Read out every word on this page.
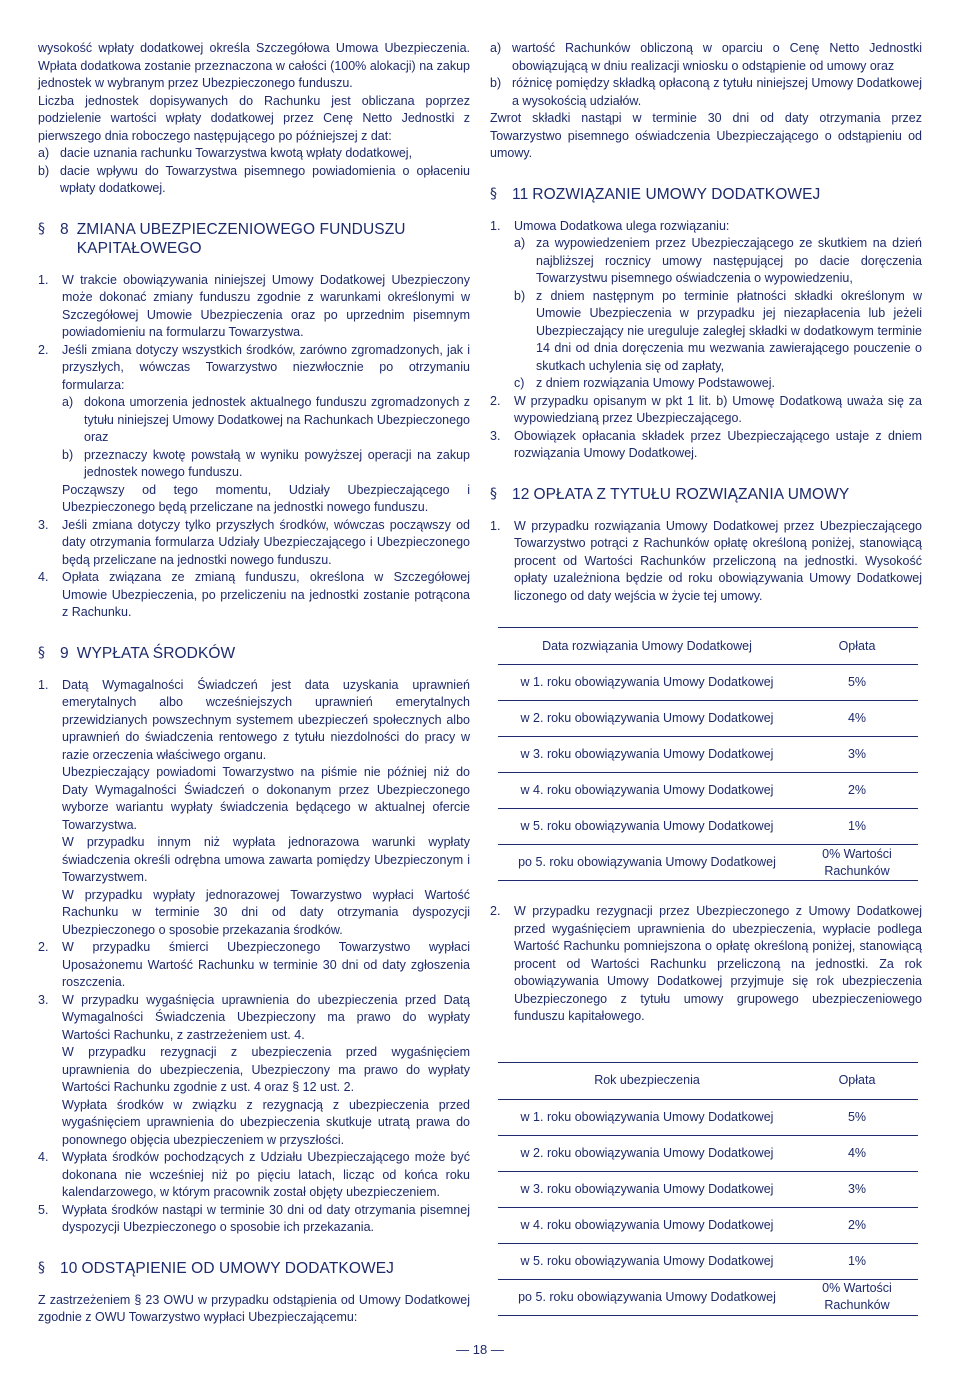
wysokość wpłaty dodatkowej określa Szczegółowa Umowa Ubezpieczenia. Wpłata dodatkowa zostanie przeznaczona w całości (100% alokacji) na zakup jednostek w wybranym przez Ubezpieczonego funduszu.

Liczba jednostek dopisywanych do Rachunku jest obliczana poprzez podzielenie wartości wpłaty dodatkowej przez Cenę Netto Jednostki z pierwszego dnia roboczego następującego po późniejszej z dat:

a) dacie uznania rachunku Towarzystwa kwotą wpłaty dodatkowej,
b) dacie wpływu do Towarzystwa pisemnego powiadomienia o opłaceniu wpłaty dodatkowej.
§ 8 ZMIANA UBEZPIECZENIOWEGO FUNDUSZU KAPITAŁOWEGO
1.	W trakcie obowiązywania niniejszej Umowy Dodatkowej Ubezpieczony może dokonać zmiany funduszu zgodnie z warunkami określonymi w Szczegółowej Umowie Ubezpieczenia oraz po uprzednim pisemnym powiadomieniu na formularzu Towarzystwa.
2.	Jeśli zmiana dotyczy wszystkich środków, zarówno zgromadzonych, jak i przyszłych, wówczas Towarzystwo niezwłocznie po otrzymaniu formularza:
a) dokona umorzenia jednostek aktualnego funduszu zgromadzonych z tytułu niniejszej Umowy Dodatkowej na Rachunkach Ubezpieczonego oraz
b) przeznaczy kwotę powstałą w wyniku powyższej operacji na zakup jednostek nowego funduszu.

Począwszy od tego momentu, Udziały Ubezpieczającego i Ubezpieczonego będą przeliczane na jednostki nowego funduszu.

3.	Jeśli zmiana dotyczy tylko przyszłych środków, wówczas począwszy od daty otrzymania formularza Udziały Ubezpieczającego i Ubezpieczonego będą przeliczane na jednostki nowego funduszu.
4.	Opłata związana ze zmianą funduszu, określona w Szczegółowej Umowie Ubezpieczenia, po przeliczeniu na jednostki zostanie potrącona z Rachunku.
§ 9 WYPŁATA ŚRODKÓW
1.	Datą Wymagalności Świadczeń jest data uzyskania uprawnień emerytalnych albo wcześniejszych uprawnień emerytalnych przewidzianych powszechnym systemem ubezpieczeń społecznych albo uprawnień do świadczenia rentowego z tytułu niezdolności do pracy w razie orzeczenia właściwego organu.

Ubezpieczający powiadomi Towarzystwo na piśmie nie później niż do Daty Wymagalności Świadczeń o dokonanym przez Ubezpieczonego wyborze wariantu wypłaty świadczenia będącego w aktualnej ofercie Towarzystwa.

W przypadku innym niż wypłata jednorazowa warunki wypłaty świadczenia określi odrębna umowa zawarta pomiędzy Ubezpieczonym i Towarzystwem.

W przypadku wypłaty jednorazowej Towarzystwo wypłaci Wartość Rachunku w terminie 30 dni od daty otrzymania dyspozycji Ubezpieczonego o sposobie przekazania środków.

2.	W przypadku śmierci Ubezpieczonego Towarzystwo wypłaci Uposażonemu Wartość Rachunku w terminie 30 dni od daty zgłoszenia roszczenia.
3.	W przypadku wygaśnięcia uprawnienia do ubezpieczenia przed Datą Wymagalności Świadczenia Ubezpieczony ma prawo do wypłaty Wartości Rachunku, z zastrzeżeniem ust. 4.

W przypadku rezygnacji z ubezpieczenia przed wygaśnięciem uprawnienia do ubezpieczenia, Ubezpieczony ma prawo do wypłaty Wartości Rachunku zgodnie z ust. 4 oraz § 12 ust. 2.

Wypłata środków w związku z rezygnacją z ubezpieczenia przed wygaśnięciem uprawnienia do ubezpieczenia skutkuje utratą prawa do ponownego objęcia ubezpieczeniem w przyszłości.

4.	Wypłata środków pochodzących z Udziału Ubezpieczającego może być dokonana nie wcześniej niż po pięciu latach, licząc od końca roku kalendarzowego, w którym pracownik został objęty ubezpieczeniem.
5.	Wypłata środków nastąpi w terminie 30 dni od daty otrzymania pisemnej dyspozycji Ubezpieczonego o sposobie ich przekazania.
§ 10 ODSTĄPIENIE OD UMOWY DODATKOWEJ

Z zastrzeżeniem § 23 OWU w przypadku odstąpienia od Umowy Dodatkowej zgodnie z OWU Towarzystwo wypłaci Ubezpieczającemu:

a) wartość Rachunków obliczoną w oparciu o Cenę Netto Jednostki obowiązującą w dniu realizacji wniosku o odstąpienie od umowy oraz
b) różnicę pomiędzy składką opłaconą z tytułu niniejszej Umowy Dodatkowej a wysokością udziałów.

Zwrot składki nastąpi w terminie 30 dni od daty otrzymania przez Towarzystwo pisemnego oświadczenia Ubezpieczającego o odstąpieniu od umowy.

§ 11 ROZWIĄZANIE UMOWY DODATKOWEJ
1.	Umowa Dodatkowa ulega rozwiązaniu:
a) za wypowiedzeniem przez Ubezpieczającego ze skutkiem na dzień najbliższej rocznicy umowy następującej po dacie doręczenia Towarzystwu pisemnego oświadczenia o wypowiedzeniu,
b) z dniem następnym po terminie płatności składki określonym w Umowie Ubezpieczenia w przypadku jej niezapłacenia lub jeżeli Ubezpieczający nie ureguluje zaległej składki w dodatkowym terminie 14 dni od dnia doręczenia mu wezwania zawierającego pouczenie o skutkach uchylenia się od zapłaty,
c) z dniem rozwiązania Umowy Podstawowej.
2.	W przypadku opisanym w pkt 1 lit. b) Umowę Dodatkową uważa się za wypowiedzianą przez Ubezpieczającego.
3.	Obowiązek opłacania składek przez Ubezpieczającego ustaje z dniem rozwiązania Umowy Dodatkowej.
§ 12 OPŁATA Z TYTUŁU ROZWIĄZANIA UMOWY
1.	W przypadku rozwiązania Umowy Dodatkowej przez Ubezpieczającego Towarzystwo potrąci z Rachunków opłatę określoną poniżej, stanowiącą procent od Wartości Rachunków przeliczoną na jednostki. Wysokość opłaty uzależniona będzie od roku obowiązywania Umowy Dodatkowej liczonego od daty wejścia w życie tej umowy.
Data rozwiązania Umowy Dodatkowej	Opłata
w 1. roku obowiązywania Umowy Dodatkowej	5%
w 2. roku obowiązywania Umowy Dodatkowej	4%
w 3. roku obowiązywania Umowy Dodatkowej	3%
w 4. roku obowiązywania Umowy Dodatkowej	2%
w 5. roku obowiązywania Umowy Dodatkowej	1%
po 5. roku obowiązywania Umowy Dodatkowej	0% Wartości Rachunków
2.	W przypadku rezygnacji przez Ubezpieczonego z Umowy Dodatkowej przed wygaśnięciem uprawnienia do ubezpieczenia, wypłacie podlega Wartość Rachunku pomniejszona o opłatę określoną poniżej, stanowiącą procent od Wartości Rachunku przeliczoną na jednostki. Za rok obowiązywania Umowy Dodatkowej przyjmuje się rok ubezpieczenia Ubezpieczonego z tytułu umowy grupowego ubezpieczeniowego funduszu kapitałowego.
Rok ubezpieczenia	Opłata
w 1. roku obowiązywania Umowy Dodatkowej	5%
w 2. roku obowiązywania Umowy Dodatkowej	4%
w 3. roku obowiązywania Umowy Dodatkowej	3%
w 4. roku obowiązywania Umowy Dodatkowej	2%
w 5. roku obowiązywania Umowy Dodatkowej	1%
po 5. roku obowiązywania Umowy Dodatkowej	0% Wartości Rachunków
— 18 —
